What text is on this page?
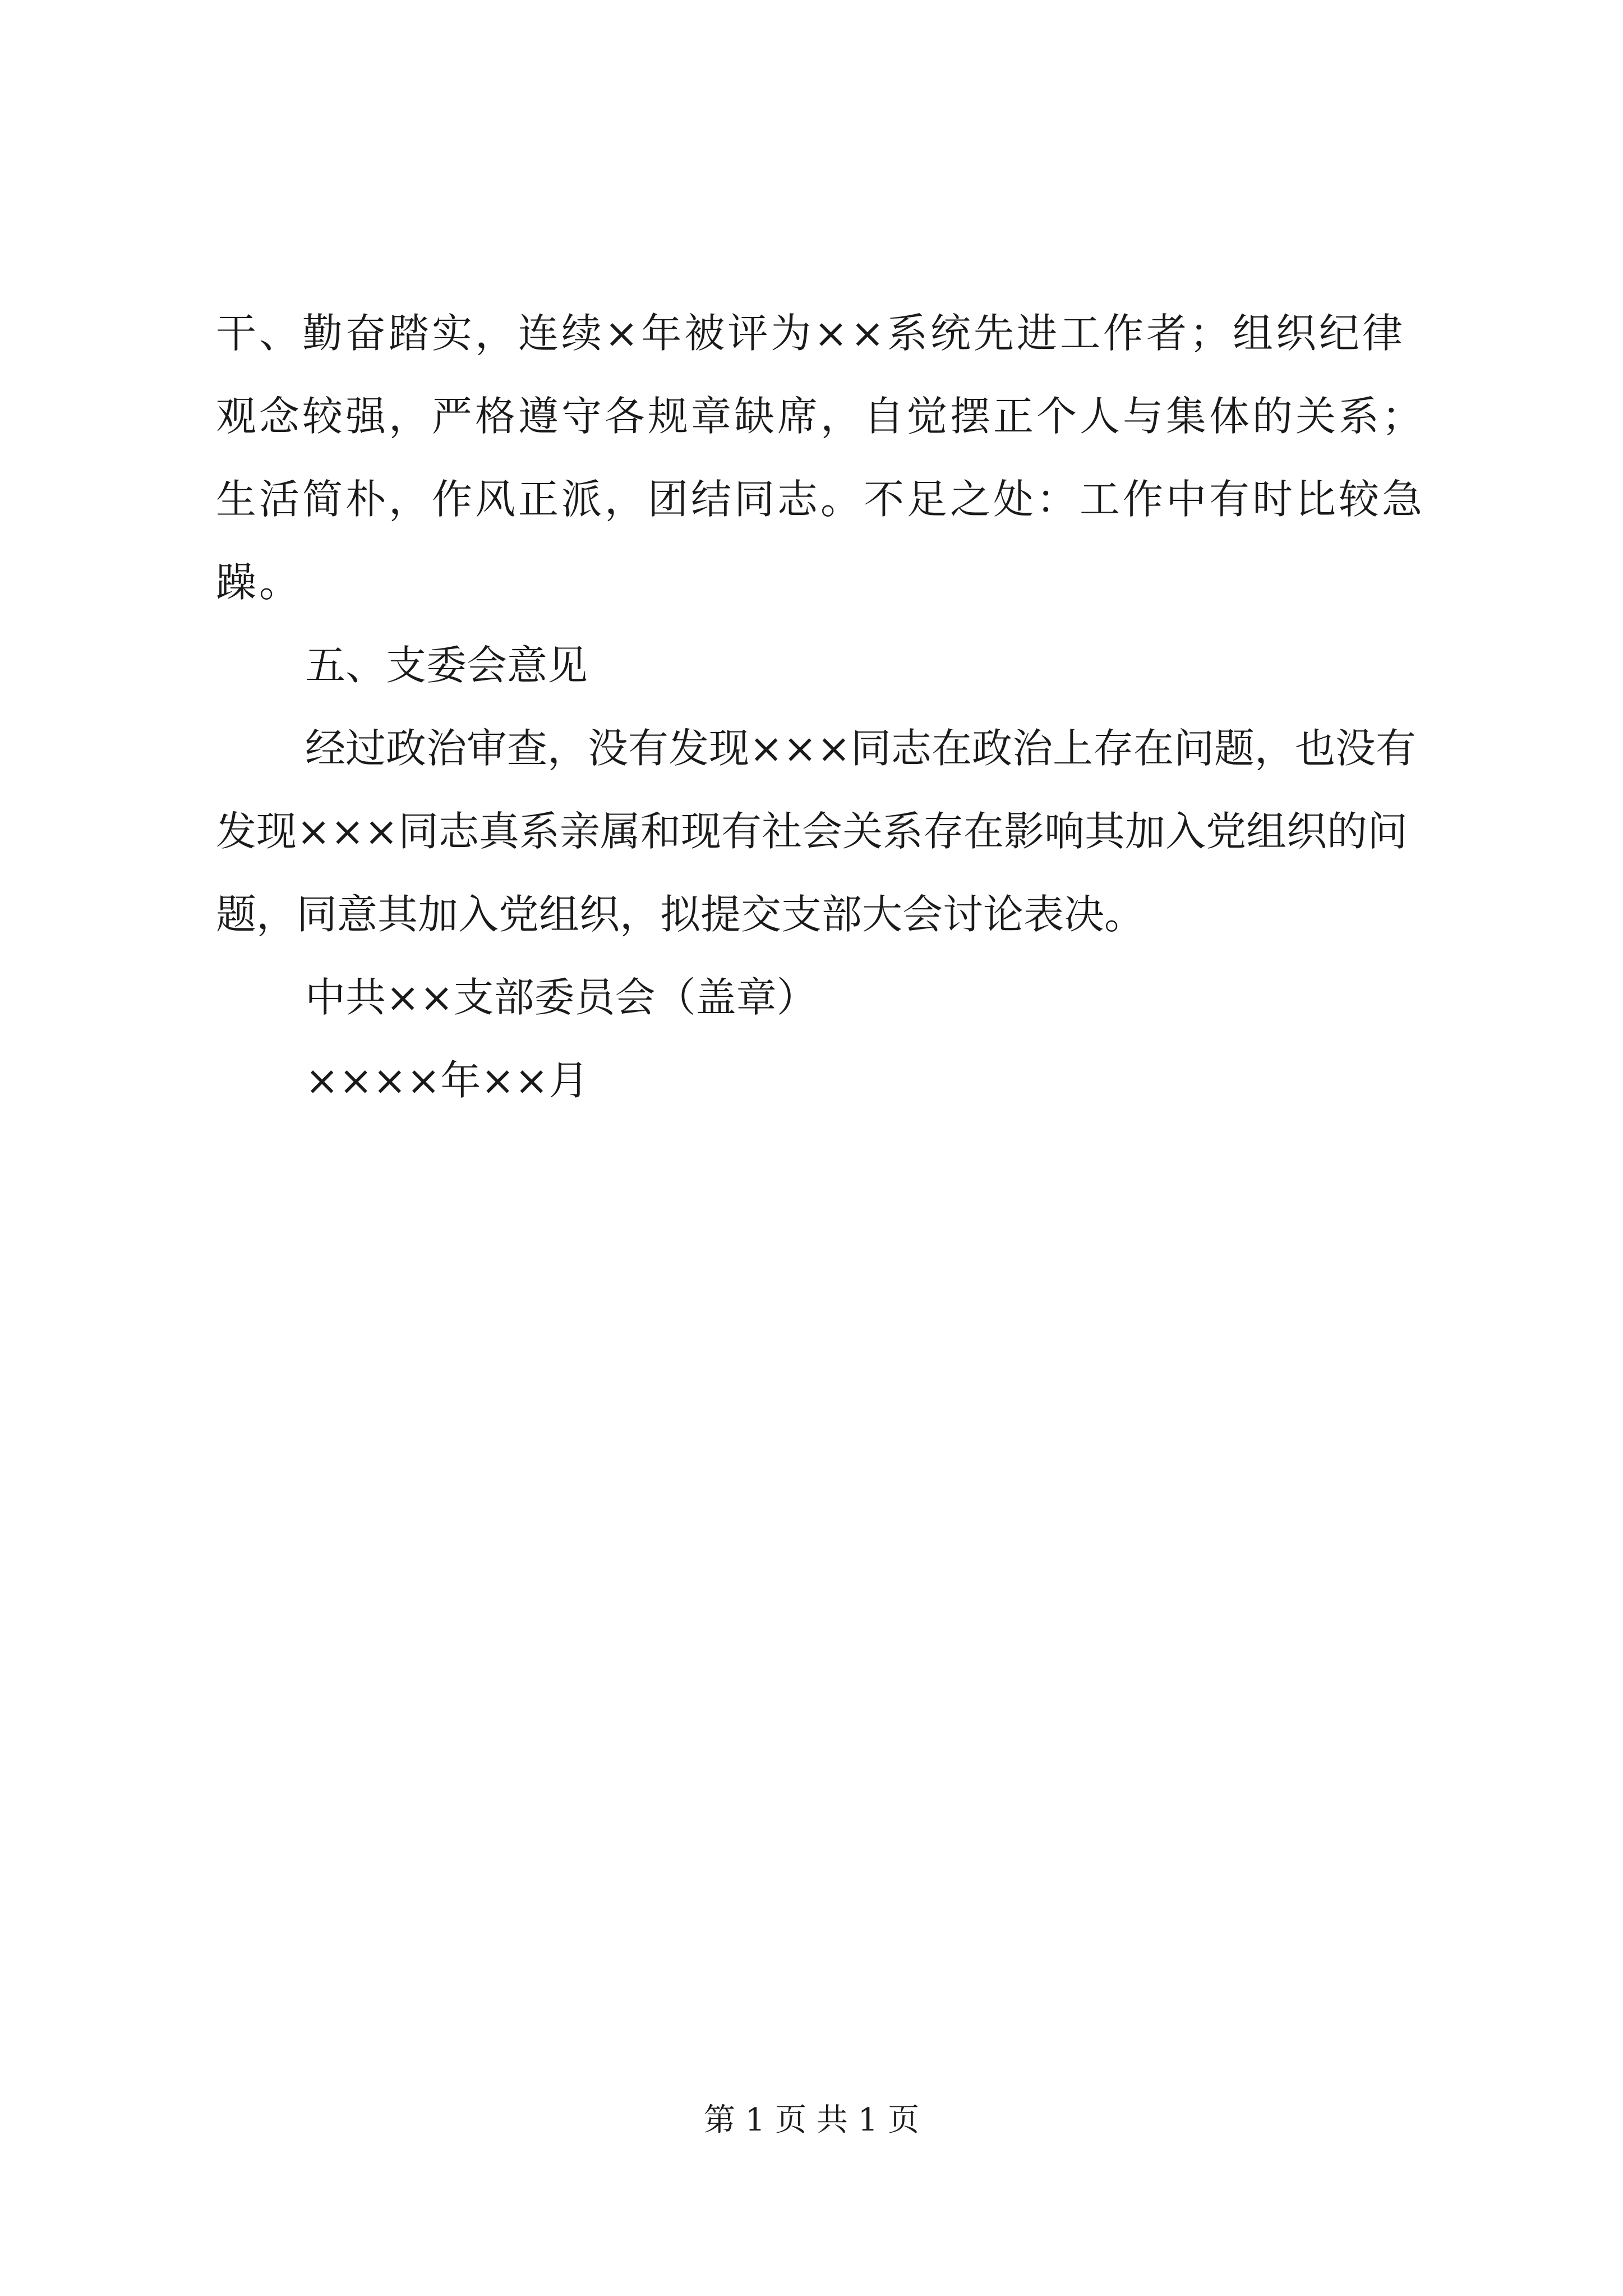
干、勤奋踏实，连续×年被评为××系统先进工作者；组织纪律观念较强，严格遵守各规章缺席，自觉摆正个人与集体的关系；生活简朴，作风正派，团结同志。不足之处：工作中有时比较急躁。

五、支委会意见

经过政治审查，没有发现×××同志在政治上存在问题，也没有发现×××同志真系亲属和现有社会关系存在影响其加入党组织的问题，同意其加入党组织，拟提交支部大会讨论表决。

中共××支部委员会（盖章）

××××年××月

第 1 页 共 1 页
